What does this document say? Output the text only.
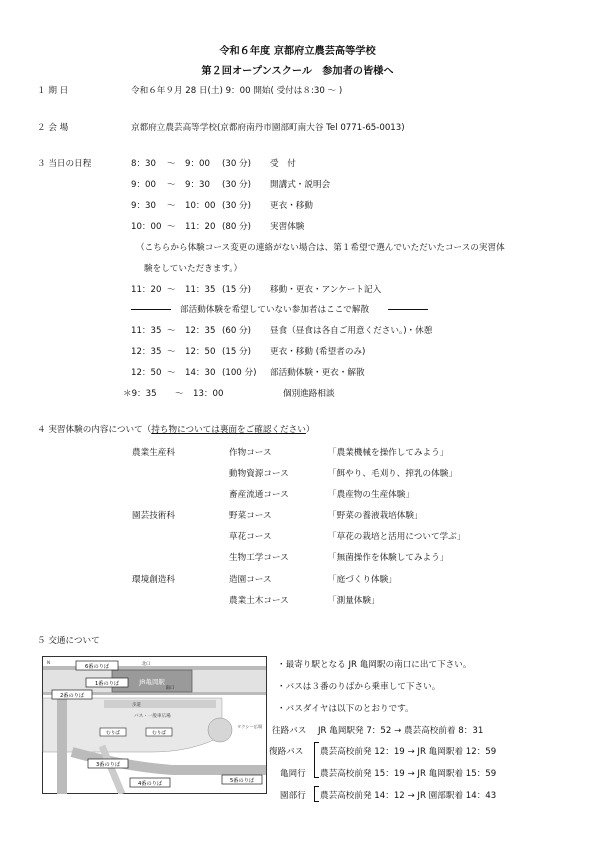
令和６年度 京都府立農芸高等学校
第２回オープンスクール　参加者の皆様へ
１ 期 日	令和６年９月 28 日(土) 9：00 開始( 受付は８:30 ～ )
２ 会 場	京都府立農芸高等学校(京都府南丹市園部町南大谷 Tel 0771-65-0013)
３ 当日の日程	8：30 ～ 9：00 (30 分) 受　付
9：00 ～ 9：30 (30 分) 開講式・説明会
9：30 ～ 10：00 (30 分) 更衣・移動
10：00 ～ 11：20 (80 分) 実習体験
（こちらから体験コース変更の連絡がない場合は、第１希望で選んでいただいたコースの実習体
験をしていただきます。）
11：20 ～ 11：35 (15 分) 移動・更衣・アンケート記入
部活動体験を希望していない参加者はここで解散
11：35 ～ 12：35 (60 分) 昼食（昼食は各自ご用意ください。)・休憩
12：35 ～ 12：50 (15 分) 更衣・移動 (希望者のみ)
12：50 ～ 14：30 (100 分) 部活動体験・更衣・解散
＊9：35 ～ 13：00	個別進路相談
４ 実習体験の内容について（持ち物については裏面をご確認ください）
農業生産科	作物コース	「農業機械を操作してみよう」
動物資源コース	「餌やり、毛刈り、搾乳の体験」
畜産流通コース	「農産物の生産体験」
園芸技術科	野菜コース	「野菜の養液栽培体験」
草花コース	「草花の栽培と活用について学ぶ」
生物工学コース	「無菌操作を体験してみよう」
環境創造科	造園コース	「庭づくり体験」
農業土木コース	「測量体験」
５ 交通について
JR亀岡駅
北口
南口
歩道
バス・一般車広場
タクシー広場
6番のりば
1番のりば
2番のりば
3番のりば
4番のりば	5番のりば
むりば	むりば
N	・最寄り駅となる JR 亀岡駅の南口に出て下さい。
・バスは３番のりばから乗車して下さい。
・バスダイヤは以下のとおりです。
往路バス JR 亀岡駅発 7：52 → 農芸高校前着 8：31
復路バス
亀岡行
農芸高校前発 12：19 → JR 亀岡駅着 12：59
農芸高校前発 15：19 → JR 亀岡駅着 15：59
園部行 農芸高校前発 14：12 → JR 園部駅着 14：43
